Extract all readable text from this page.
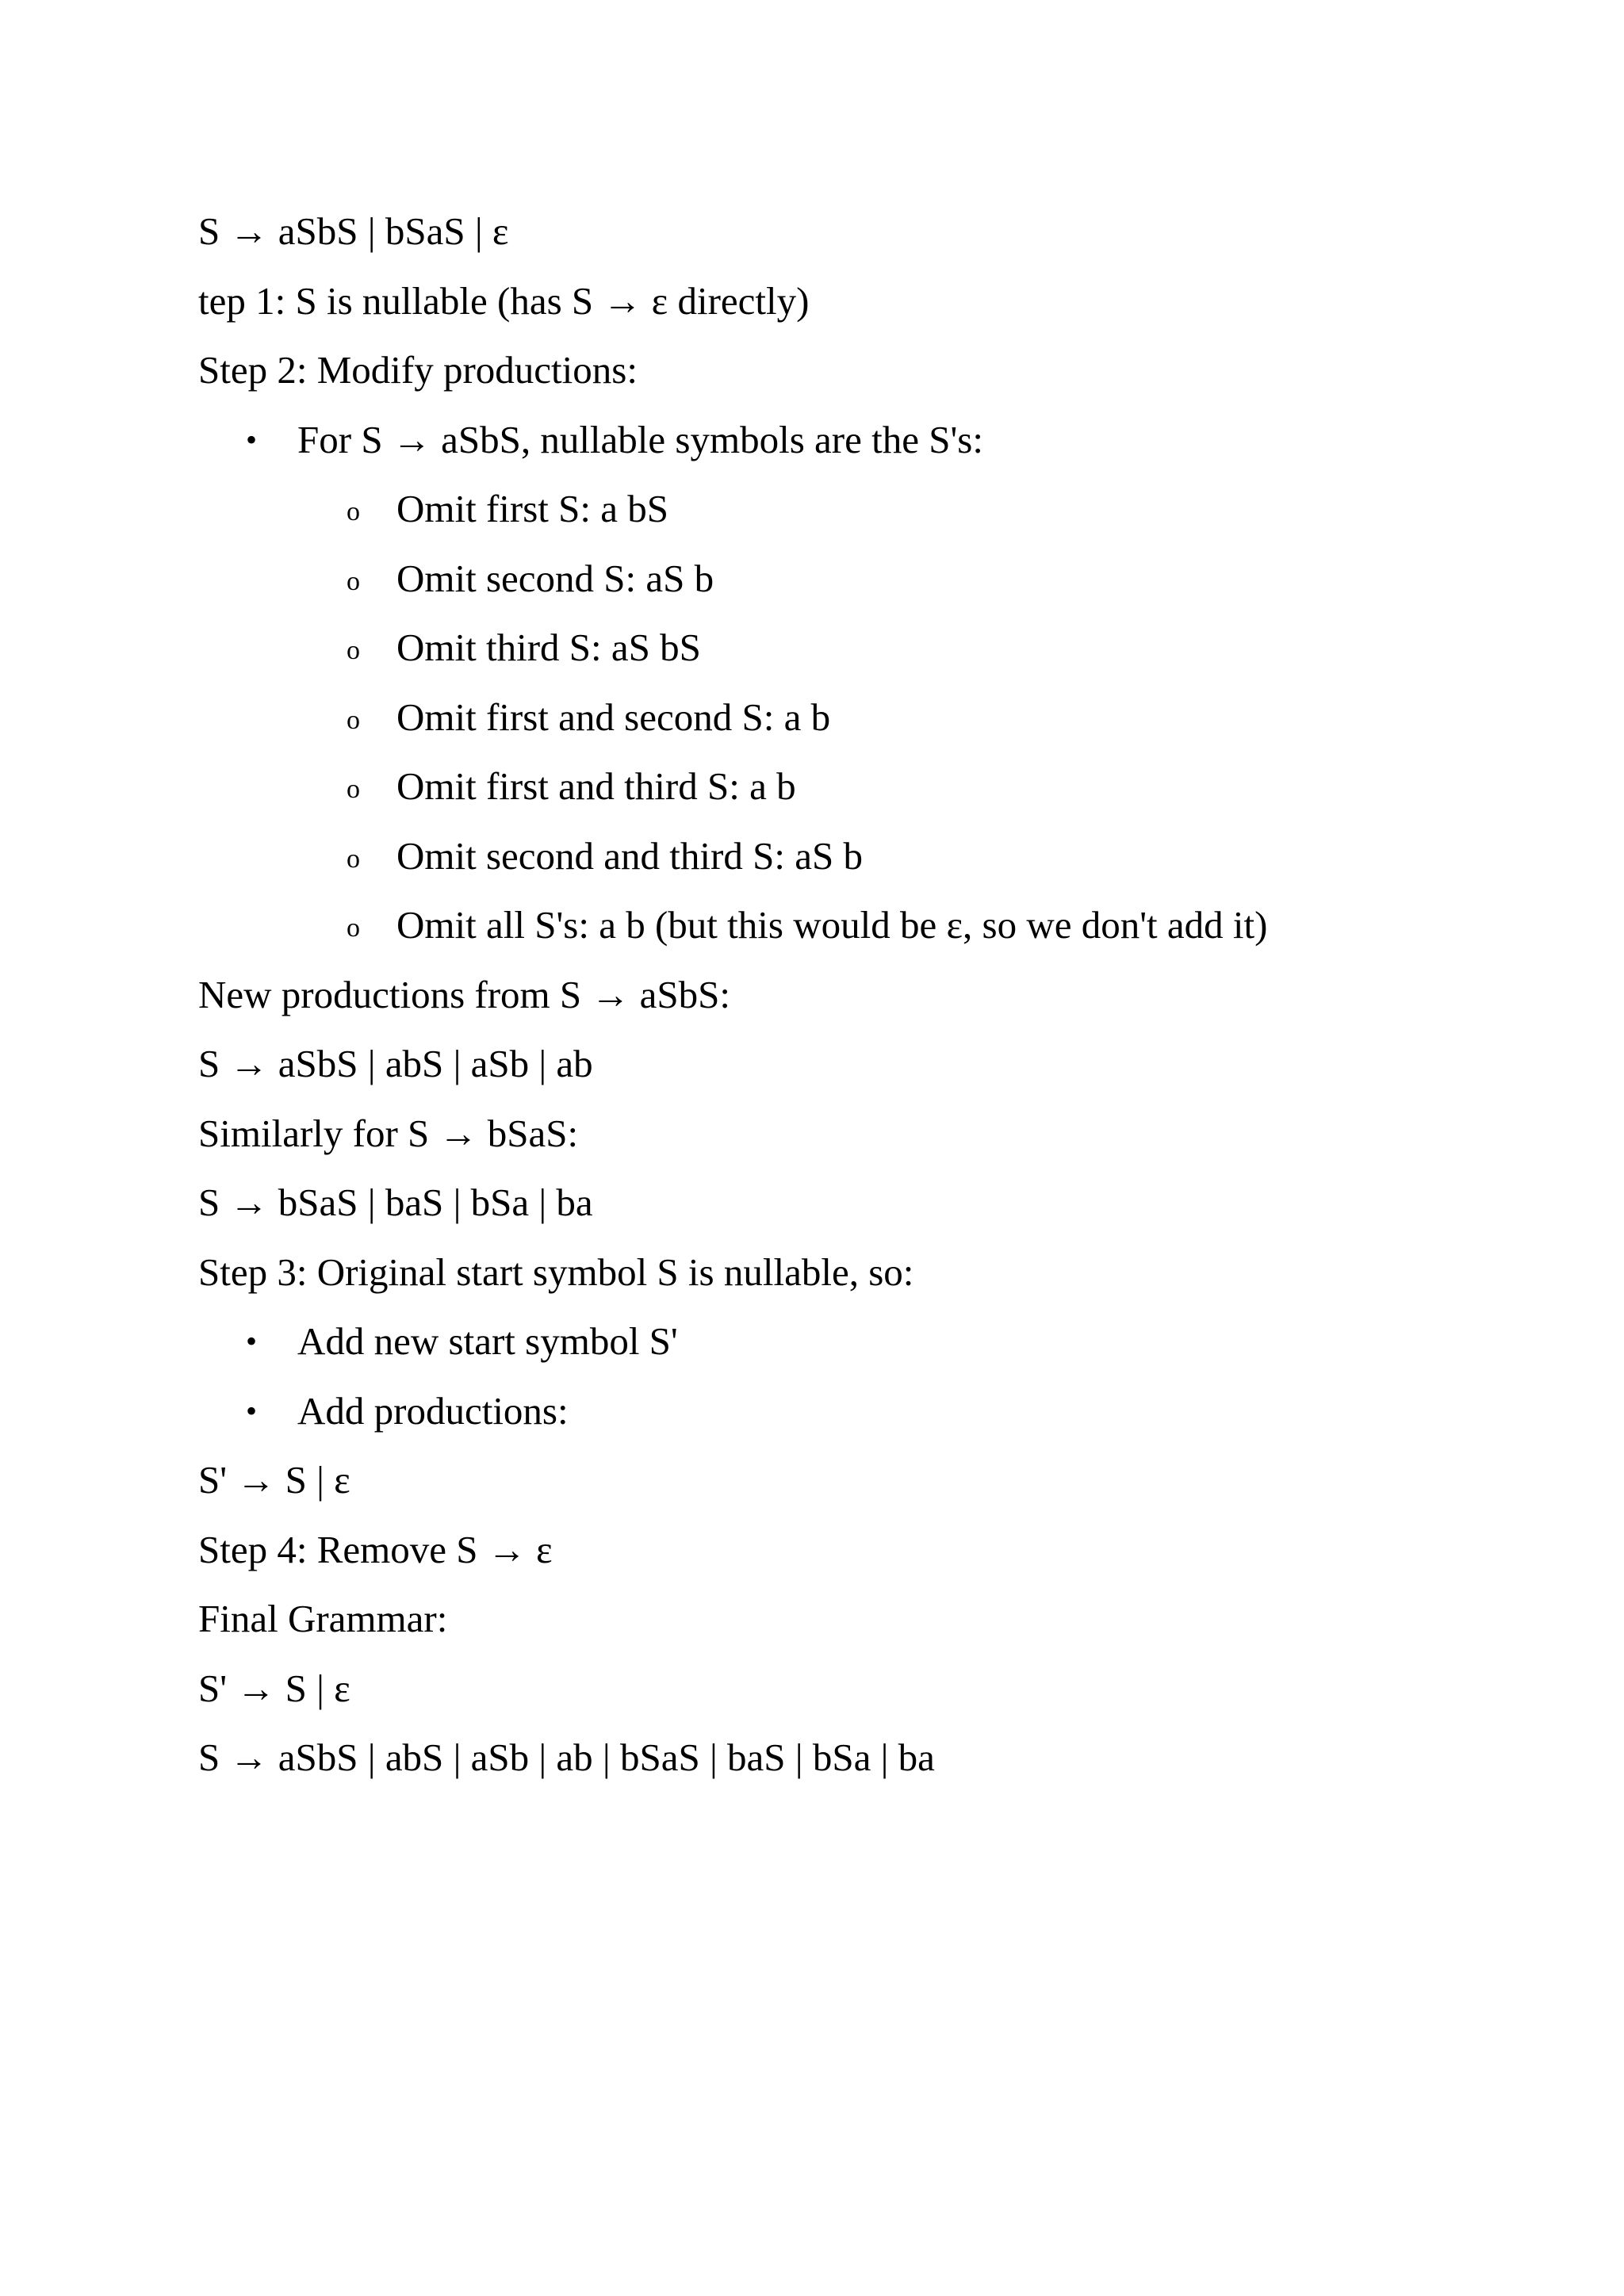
S → aSbS | bSaS | ε
tep 1: S is nullable (has S → ε directly)
Step 2: Modify productions:
• For S → aSbS, nullable symbols are the S's:
o Omit first S: a bS
o Omit second S: aS b
o Omit third S: aS bS
o Omit first and second S: a b
o Omit first and third S: a b
o Omit second and third S: aS b
o Omit all S's: a b (but this would be ε, so we don't add it)
New productions from S → aSbS:
S → aSbS | abS | aSb | ab
Similarly for S → bSaS:
S → bSaS | baS | bSa | ba
Step 3: Original start symbol S is nullable, so:
• Add new start symbol S'
• Add productions:
S' → S | ε
Step 4: Remove S → ε
Final Grammar:
S' → S | ε
S → aSbS | abS | aSb | ab | bSaS | baS | bSa | ba
